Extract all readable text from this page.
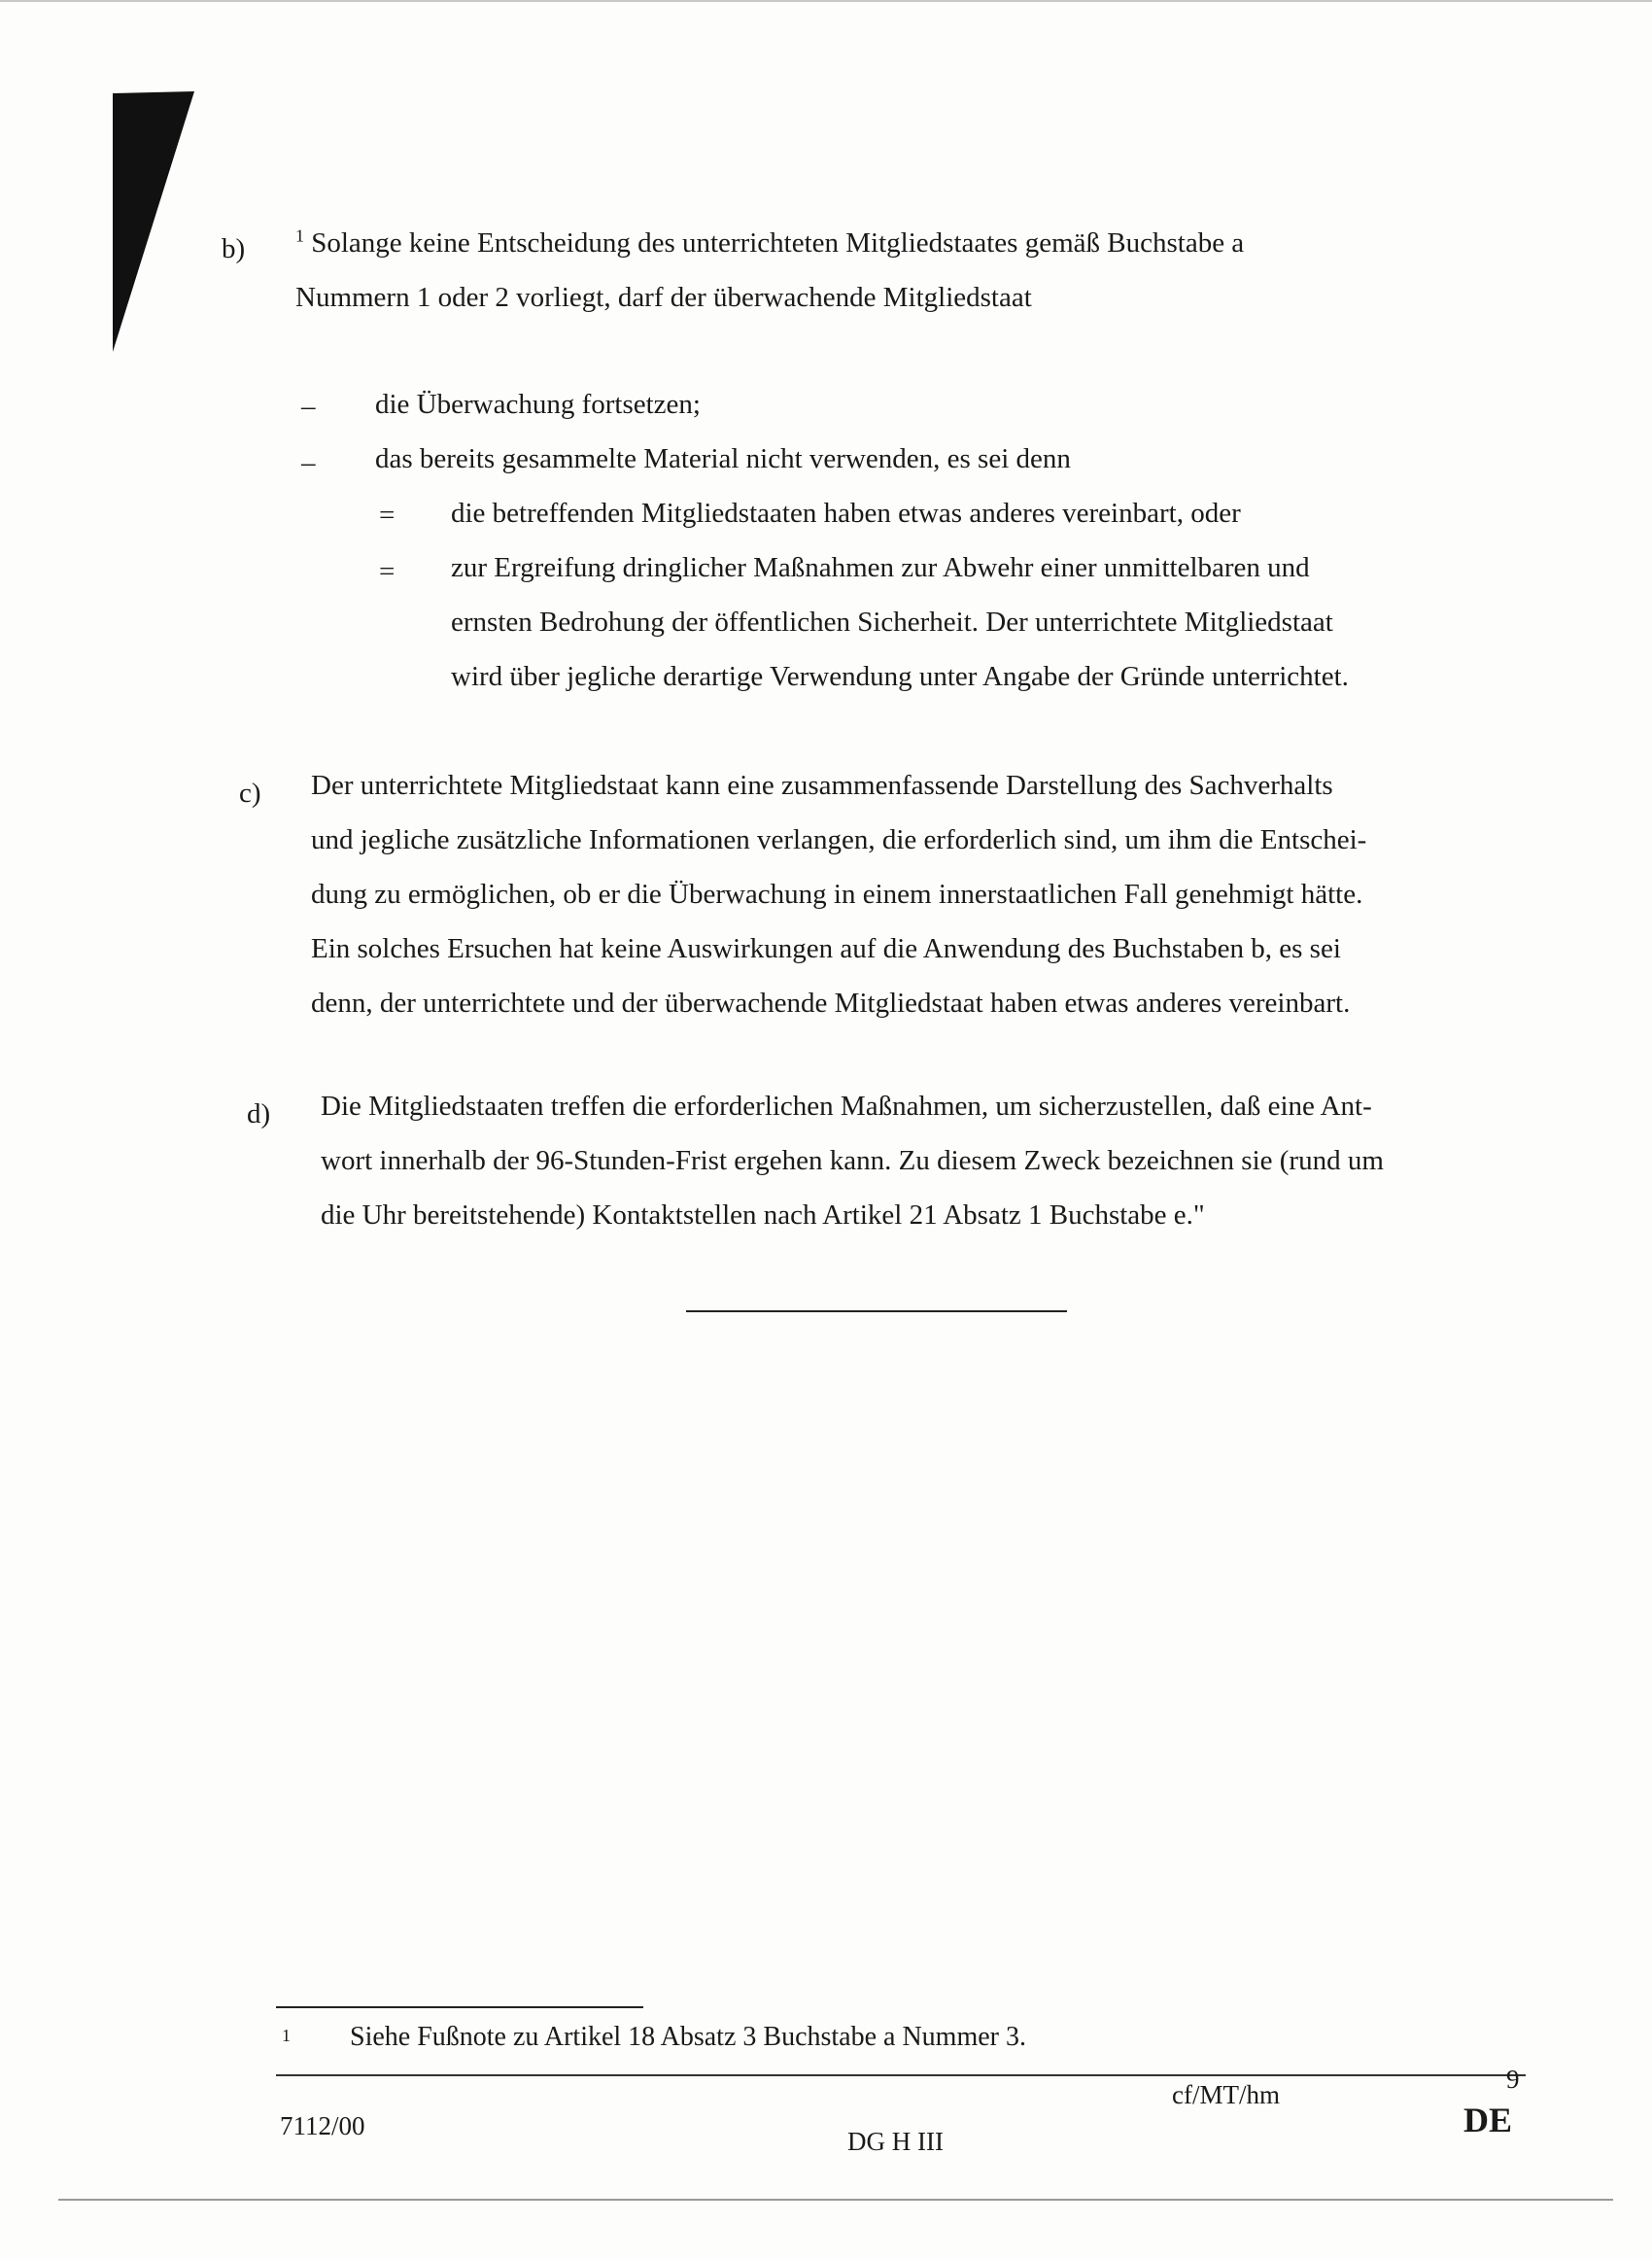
b)	$^1$ Solange keine Entscheidung des unterrichteten Mitgliedstaates gemäß Buchstabe a
Nummern 1 oder 2 vorliegt, darf der überwachende Mitgliedstaat
– die Überwachung fortsetzen;
– das bereits gesammelte Material nicht verwenden, es sei denn
= die betreffenden Mitgliedstaaten haben etwas anderes vereinbart, oder
= zur Ergreifung dringlicher Maßnahmen zur Abwehr einer unmittelbaren und
ernsten Bedrohung der öffentlichen Sicherheit. Der unterrichtete Mitgliedstaat
wird über jegliche derartige Verwendung unter Angabe der Gründe unterrichtet.
c) Der unterrichtete Mitgliedstaat kann eine zusammenfassende Darstellung des Sachverhalts
und jegliche zusätzliche Informationen verlangen, die erforderlich sind, um ihm die Entschei-
dung zu ermöglichen, ob er die Überwachung in einem innerstaatlichen Fall genehmigt hätte.
Ein solches Ersuchen hat keine Auswirkungen auf die Anwendung des Buchstaben b, es sei
denn, der unterrichtete und der überwachende Mitgliedstaat haben etwas anderes vereinbart.
d) Die Mitgliedstaaten treffen die erforderlichen Maßnahmen, um sicherzustellen, daß eine Ant-
wort innerhalb der 96-Stunden-Frist ergehen kann. Zu diesem Zweck bezeichnen sie (rund um
die Uhr bereitstehende) Kontaktstellen nach Artikel 21 Absatz 1 Buchstabe e."
1 Siehe Fußnote zu Artikel 18 Absatz 3 Buchstabe a Nummer 3.
cf/MT/hm
9
7112/00
DG H III
DE
